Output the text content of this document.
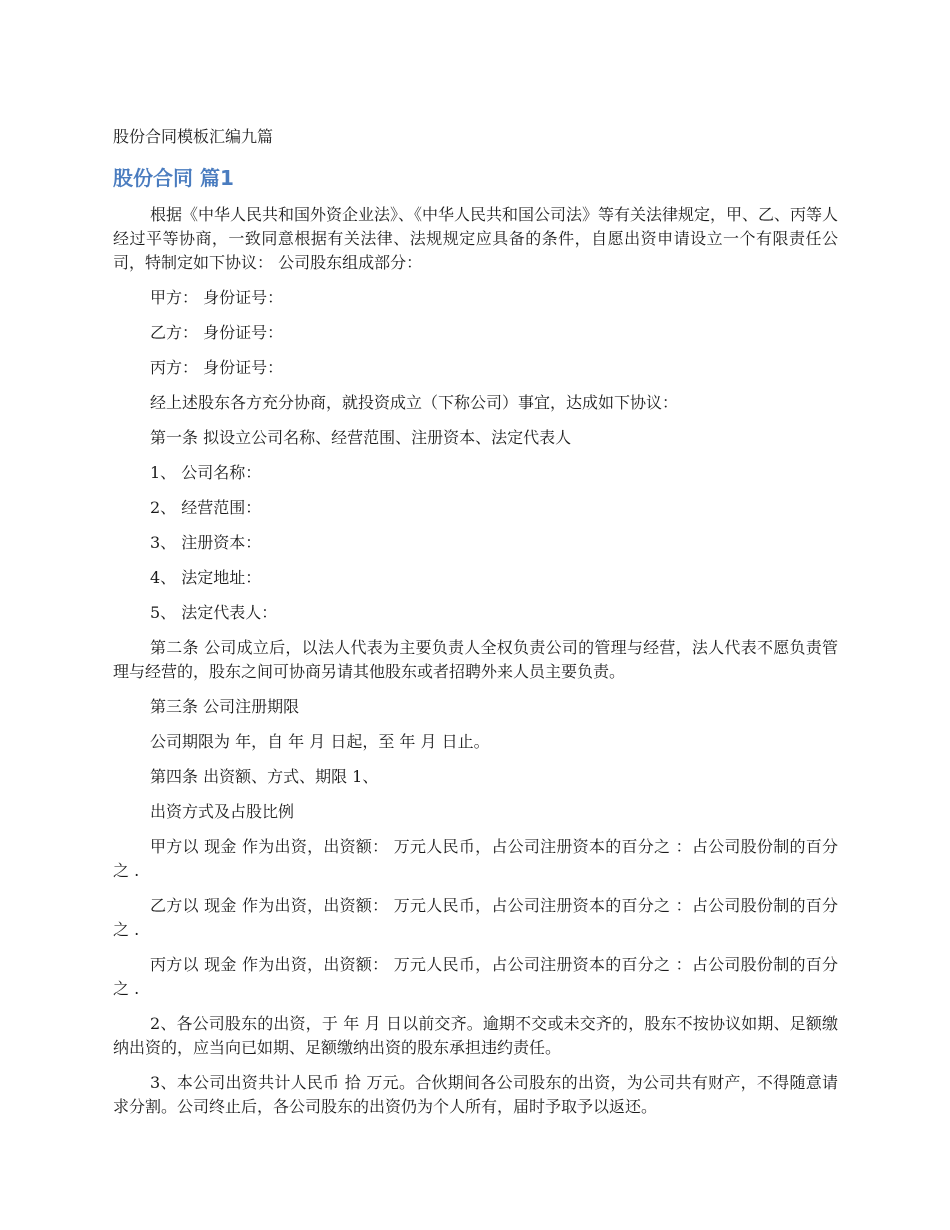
股份合同模板汇编九篇
股份合同 篇1

根据《中华人民共和国外资企业法》、《中华人民共和国公司法》等有关法律规定，甲、乙、丙等人经过平等协商，一致同意根据有关法律、法规规定应具备的条件，自愿出资申请设立一个有限责任公司，特制定如下协议： 公司股东组成部分：

甲方： 身份证号：

乙方： 身份证号：

丙方： 身份证号：

经上述股东各方充分协商，就投资成立（下称公司）事宜，达成如下协议：

第一条 拟设立公司名称、经营范围、注册资本、法定代表人

1、 公司名称：

2、 经营范围：

3、 注册资本：

4、 法定地址：

5、 法定代表人：

第二条 公司成立后，以法人代表为主要负责人全权负责公司的管理与经营，法人代表不愿负责管理与经营的，股东之间可协商另请其他股东或者招聘外来人员主要负责。

第三条 公司注册期限

公司期限为 年，自 年 月 日起，至 年 月 日止。

第四条 出资额、方式、期限 1、

出资方式及占股比例

甲方以 现金 作为出资，出资额： 万元人民币，占公司注册资本的百分之 ：占公司股份制的百分之 .

乙方以 现金 作为出资，出资额： 万元人民币，占公司注册资本的百分之 ：占公司股份制的百分之 .

丙方以 现金 作为出资，出资额： 万元人民币，占公司注册资本的百分之 ：占公司股份制的百分之 .

2、各公司股东的出资，于 年 月 日以前交齐。逾期不交或未交齐的，股东不按协议如期、足额缴纳出资的，应当向已如期、足额缴纳出资的股东承担违约责任。

3、本公司出资共计人民币 拾 万元。合伙期间各公司股东的出资，为公司共有财产，不得随意请求分割。公司终止后，各公司股东的出资仍为个人所有，届时予取予以返还。
